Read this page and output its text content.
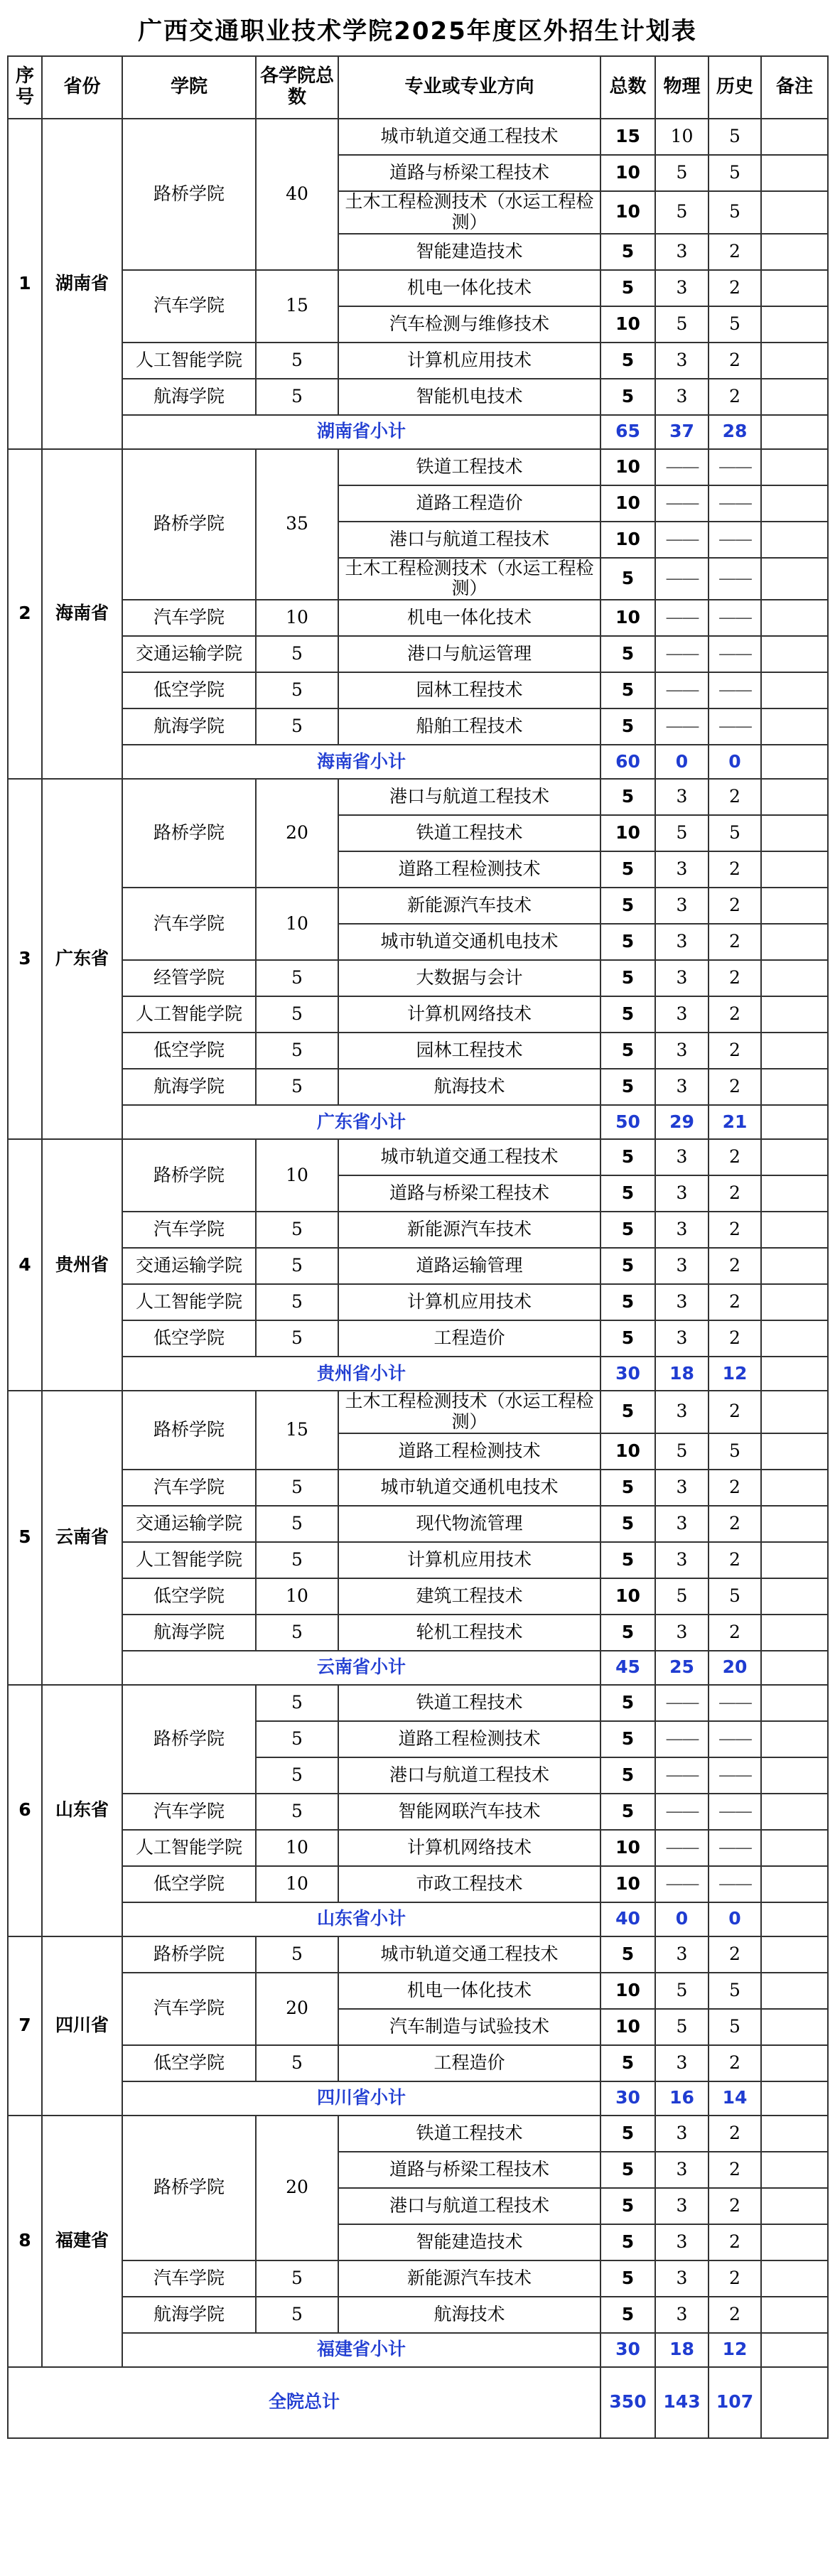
广西交通职业技术学院2025年度区外招生计划表
序号	省份	学院	各学院总数	专业或专业方向	总数	物理	历史	备注
1	湖南省	路桥学院	40	城市轨道交通工程技术	15	10	5	
				道路与桥梁工程技术	10	5	5	
				土木工程检测技术（水运工程检测）	10	5	5	
				智能建造技术	5	3	2	
		汽车学院	15	机电一体化技术	5	3	2	
				汽车检测与维修技术	10	5	5	
		人工智能学院	5	计算机应用技术	5	3	2	
		航海学院	5	智能机电技术	5	3	2	
		湖南省小计			65	37	28	
2	海南省	路桥学院	35	铁道工程技术	10	——	——	
				道路工程造价	10	——	——	
				港口与航道工程技术	10	——	——	
				土木工程检测技术（水运工程检测）	5	——	——	
		汽车学院	10	机电一体化技术	10	——	——	
		交通运输学院	5	港口与航运管理	5	——	——	
		低空学院	5	园林工程技术	5	——	——	
		航海学院	5	船舶工程技术	5	——	——	
		海南省小计			60	0	0	
3	广东省	路桥学院	20	港口与航道工程技术	5	3	2	
				铁道工程技术	10	5	5	
				道路工程检测技术	5	3	2	
		汽车学院	10	新能源汽车技术	5	3	2	
				城市轨道交通机电技术	5	3	2	
		经管学院	5	大数据与会计	5	3	2	
		人工智能学院	5	计算机网络技术	5	3	2	
		低空学院	5	园林工程技术	5	3	2	
		航海学院	5	航海技术	5	3	2	
		广东省小计			50	29	21	
4	贵州省	路桥学院	10	城市轨道交通工程技术	5	3	2	
				道路与桥梁工程技术	5	3	2	
		汽车学院	5	新能源汽车技术	5	3	2	
		交通运输学院	5	道路运输管理	5	3	2	
		人工智能学院	5	计算机应用技术	5	3	2	
		低空学院	5	工程造价	5	3	2	
		贵州省小计			30	18	12	
5	云南省	路桥学院	15	土木工程检测技术（水运工程检测）	5	3	2	
				道路工程检测技术	10	5	5	
		汽车学院	5	城市轨道交通机电技术	5	3	2	
		交通运输学院	5	现代物流管理	5	3	2	
		人工智能学院	5	计算机应用技术	5	3	2	
		低空学院	10	建筑工程技术	10	5	5	
		航海学院	5	轮机工程技术	5	3	2	
		云南省小计			45	25	20	
6	山东省	路桥学院	5	铁道工程技术	5	——	——	
			5	道路工程检测技术	5	——	——	
			5	港口与航道工程技术	5	——	——	
		汽车学院	5	智能网联汽车技术	5	——	——	
		人工智能学院	10	计算机网络技术	10	——	——	
		低空学院	10	市政工程技术	10	——	——	
		山东省小计			40	0	0	
7	四川省	路桥学院	5	城市轨道交通工程技术	5	3	2	
		汽车学院	20	机电一体化技术	10	5	5	
				汽车制造与试验技术	10	5	5	
		低空学院	5	工程造价	5	3	2	
		四川省小计			30	16	14	
8	福建省	路桥学院	20	铁道工程技术	5	3	2	
				道路与桥梁工程技术	5	3	2	
				港口与航道工程技术	5	3	2	
				智能建造技术	5	3	2	
		汽车学院	5	新能源汽车技术	5	3	2	
		航海学院	5	航海技术	5	3	2	
		福建省小计			30	18	12	
全院总计					350	143	107	
